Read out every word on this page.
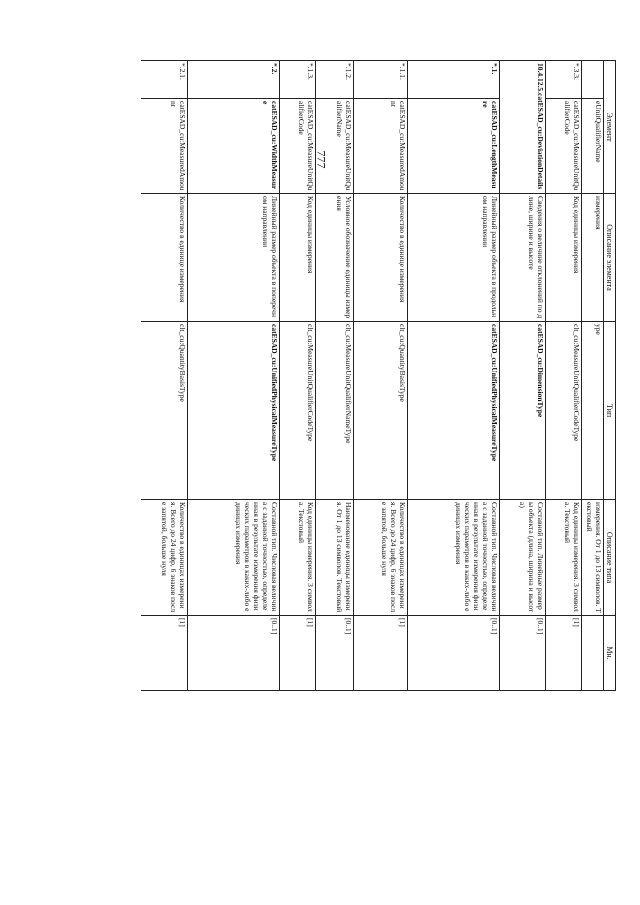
777
Элемент		Описание элемента	Тип	Описание типа	Мн.
	eUnitQualifierName	измерения	ype	измерения. От 1 до 13 символов. Текстовый	
*.3.3.	catESAD_cu:MeasureUnitQualifierCode	Код единицы измерения	clt_cu:MeasureUnitQualifierCodeType	Код единицы измерения. 3 символа. Текстовый	[1]
10.4.12.5.catESAD_cu:DeviationDetails		Сведения о величине отклонений по длине, ширине и высоте	catESAD_cu:DimensionType	Составной тип. Линейные размеры объекта (длина, ширина и высота)	[0..1]
*.1.	catESAD_cu:LengthMeasure	Линейный размер объекта в продольном направлении	catESAD_cu:UnifiedPhysicalMeasureType	Составной тип. Числовая величина с заданной точностью, определенная в результате измерения физических параметров в каких-либо единицах измерения	[0..1]
*.1.1.	catESAD_cu:MeasuredAmount	Количество в единице измерения	clt_cu:QuantityBasisType	Количество в единицах измерения. Всего до 24 цифр, 6 знаков после запятой, больше нуля	[1]
*.1.2.	catESAD_cu:MeasureUnitQualifierName	Условное обозначение единицы измерения	clt_cu:MeasureUnitQualifierNameType	Наименование единицы измерения. От 1 до 13 символов. Текстовый	[0..1]
*.1.3.	catESAD_cu:MeasureUnitQualifierCode	Код единицы измерения	clt_cu:MeasureUnitQualifierCodeType	Код единицы измерения. 3 символа. Текстовый	[1]
*.2.	catESAD_cu:WidthMeasure	Линейный размер объекта в поперечном направлении	catESAD_cu:UnifiedPhysicalMeasureType	Составной тип. Числовая величина с заданной точностью, определенная в результате измерения физических параметров в каких-либо единицах измерения	[0..1]
*.2.1.	catESAD_cu:MeasuredAmount	Количество в единице измерения	clt_cu:QuantityBasisType	Количество в единицах измерения. Всего до 24 цифр, 6 знаков после запятой, больше нуля	[1]
